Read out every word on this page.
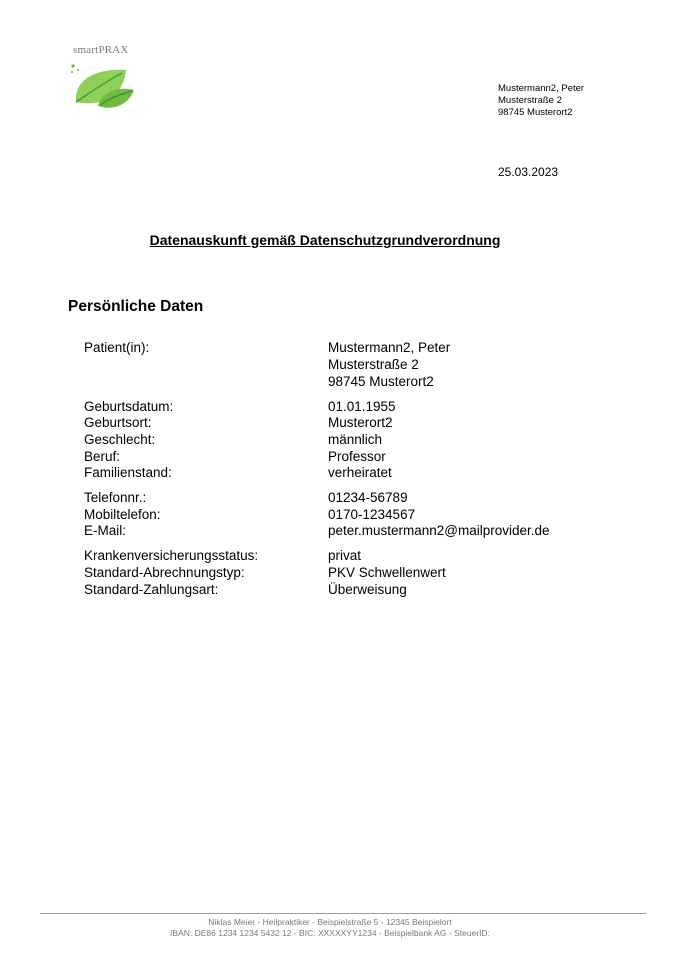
smartPRAX
Mustermann2, Peter
Musterstraße 2
98745 Musterort2
25.03.2023
Datenauskunft gemäß Datenschutzgrundverordnung
Persönliche Daten
Patient(in):	Mustermann2, Peter
Musterstraße 2
98745 Musterort2
Geburtsdatum:	01.01.1955
Geburtsort:	Musterort2
Geschlecht:	männlich
Beruf:	Professor
Familienstand:	verheiratet
Telefonnr.:	01234-56789
Mobiltelefon:	0170-1234567
E-Mail:	peter.mustermann2@mailprovider.de
Krankenversicherungsstatus:	privat
Standard-Abrechnungstyp:	PKV Schwellenwert
Standard-Zahlungsart:	Überweisung
Niklas Meier - Heilpraktiker - Beispielstraße 5 - 12345 Beispielort
IBAN: DE86 1234 1234 5432 12 - BIC: XXXXXYY1234 - Beispielbank AG - SteuerID:
